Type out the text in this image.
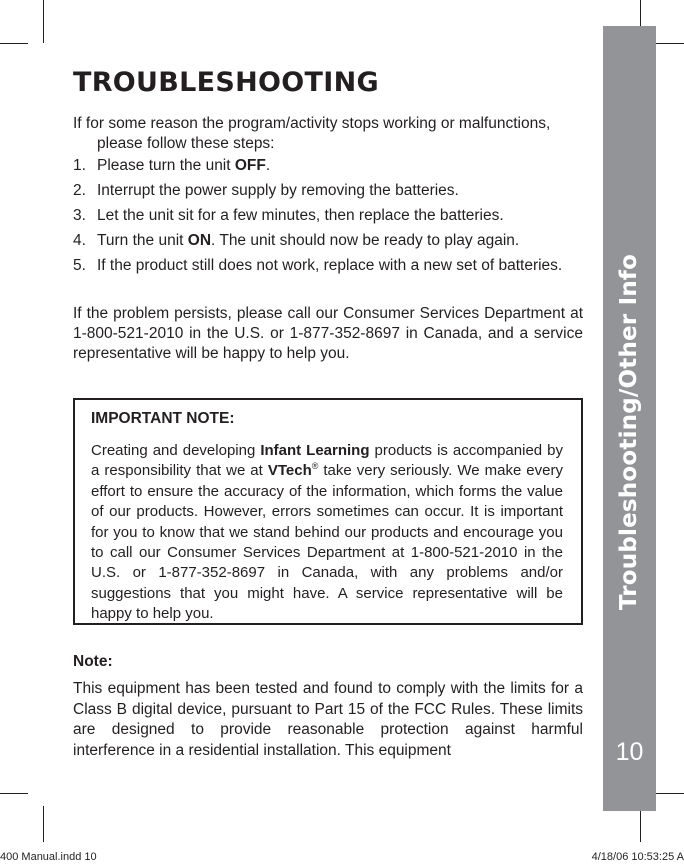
Troubleshooting/Other Info
10
TROUBLESHOOTING
If for some reason the program/activity stops working or malfunctions, please follow these steps:
1. Please turn the unit OFF.
2. Interrupt the power supply by removing the batteries.
3. Let the unit sit for a few minutes, then replace the batteries.
4. Turn the unit ON. The unit should now be ready to play again.
5. If the product still does not work, replace with a new set of batteries.
If the problem persists, please call our Consumer Services Department at 1-800-521-2010 in the U.S. or 1-877-352-8697 in Canada, and a service representative will be happy to help you.
IMPORTANT NOTE:
Creating and developing Infant Learning products is accompanied by a responsibility that we at VTech® take very seriously. We make every effort to ensure the accuracy of the information, which forms the value of our products. However, errors sometimes can occur. It is important for you to know that we stand behind our products and encourage you to call our Consumer Services Department at 1-800-521-2010 in the U.S. or 1-877-352-8697 in Canada, with any problems and/or suggestions that you might have. A service representative will be happy to help you.
Note:
This equipment has been tested and found to comply with the limits for a Class B digital device, pursuant to Part 15 of the FCC Rules. These limits are designed to provide reasonable protection against harmful interference in a residential installation. This equipment
400 Manual.indd 10	4/18/06 10:53:25 A
